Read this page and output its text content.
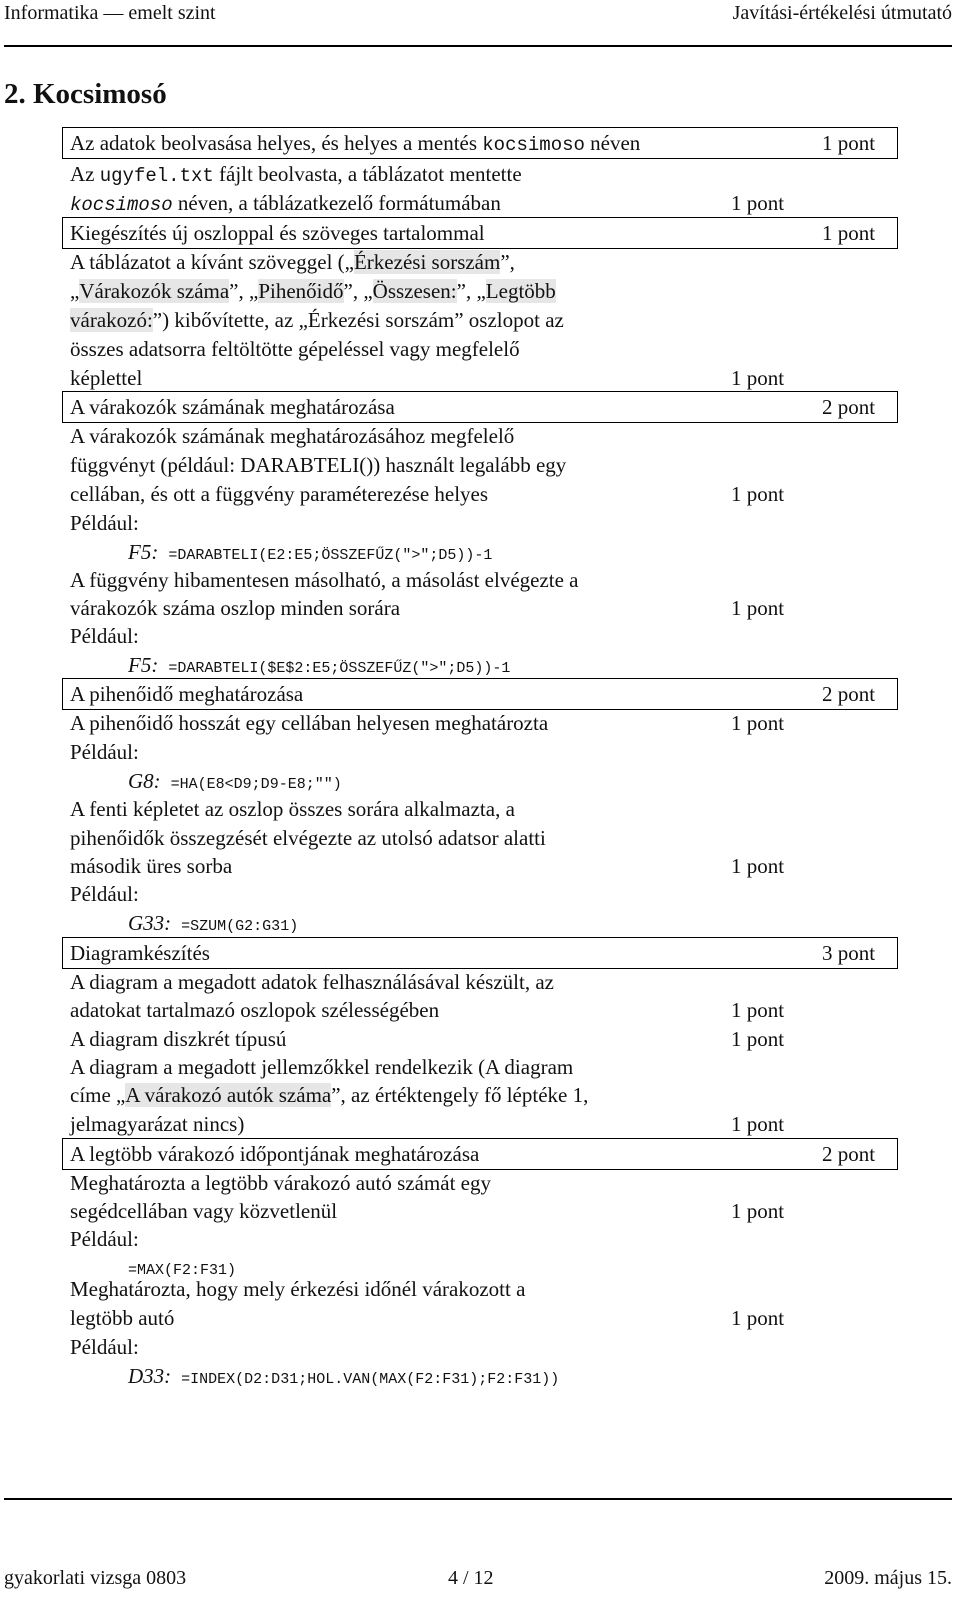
Informatika — emelt szint	Javítási-értékelési útmutató
2. Kocsimosó
Az adatok beolvasása helyes, és helyes a mentés kocsimoso néven	1 pont
Az ugyfel.txt fájlt beolvasta, a táblázatot mentette
kocsimoso néven, a táblázatkezelő formátumában	1 pont
Kiegészítés új oszloppal és szöveges tartalommal	1 pont
A táblázatot a kívánt szöveggel („Érkezési sorszám”,
„Várakozók száma”, „Pihenőidő”, „Összesen:”, „Legtöbb
várakozó:”) kibővítette, az „Érkezési sorszám” oszlopot az
összes adatsorra feltöltötte gépeléssel vagy megfelelő
képlettel	1 pont
A várakozók számának meghatározása	2 pont
A várakozók számának meghatározásához megfelelő
függvényt (például: DARABTELI()) használt legalább egy
cellában, és ott a függvény paraméterezése helyes	1 pont
Például:
F5: =DARABTELI(E2:E5;ÖSSZEFŰZ(">";D5))-1
A függvény hibamentesen másolható, a másolást elvégezte a
várakozók száma oszlop minden sorára	1 pont
Például:
F5: =DARABTELI($E$2:E5;ÖSSZEFŰZ(">";D5))-1
A pihenőidő meghatározása	2 pont
A pihenőidő hosszát egy cellában helyesen meghatározta	1 pont
Például:
G8: =HA(E8<D9;D9-E8;"")
A fenti képletet az oszlop összes sorára alkalmazta, a
pihenőidők összegzését elvégezte az utolsó adatsor alatti
második üres sorba	1 pont
Például:
G33: =SZUM(G2:G31)
Diagramkészítés	3 pont
A diagram a megadott adatok felhasználásával készült, az
adatokat tartalmazó oszlopok szélességében	1 pont
A diagram diszkrét típusú	1 pont
A diagram a megadott jellemzőkkel rendelkezik (A diagram
címe „A várakozó autók száma”, az értéktengely fő léptéke 1,
jelmagyarázat nincs)	1 pont
A legtöbb várakozó időpontjának meghatározása	2 pont
Meghatározta a legtöbb várakozó autó számát egy
segédcellában vagy közvetlenül	1 pont
Például:
=MAX(F2:F31)
Meghatározta, hogy mely érkezési időnél várakozott a
legtöbb autó	1 pont
Például:
D33: =INDEX(D2:D31;HOL.VAN(MAX(F2:F31);F2:F31))
gyakorlati vizsga 0803	4 / 12	2009. május 15.
